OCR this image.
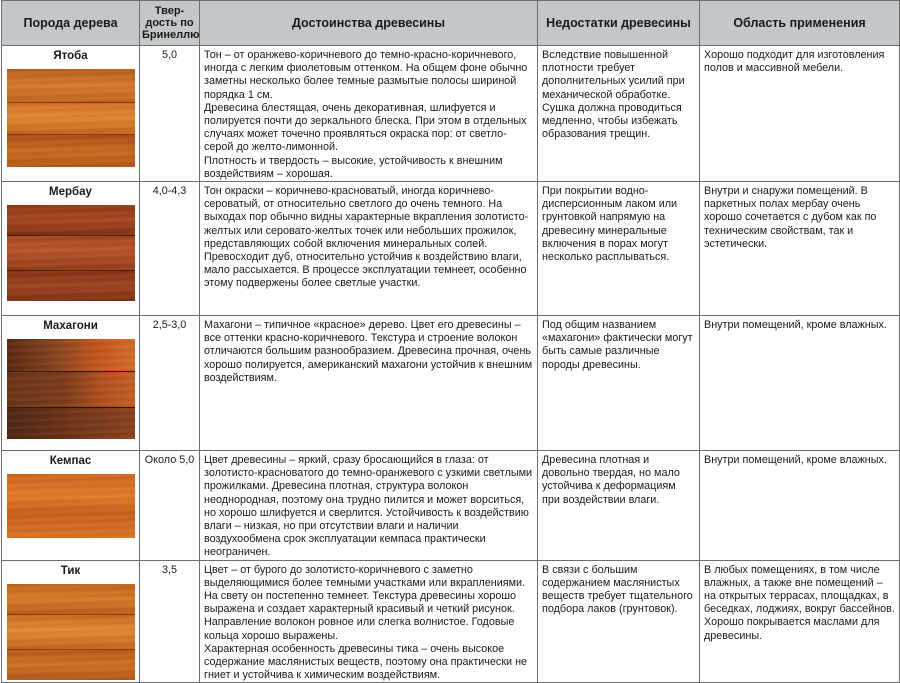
Порода дерева	Твер-
дость по
Бринеллю	Достоинства древесины	Недостатки древесины	Область применения

Ятоба	5,0	Тон – от оранжево-коричневого до темно-красно-коричневого, иногда с легким фиолетовым оттенком. На общем фоне обычно заметны несколько более темные размытые полосы шириной порядка 1 см.
Древесина блестящая, очень декоративная, шлифуется и полируется почти до зеркального блеска. При этом в отдельных случаях может точечно проявляться окраска пор: от светло-серой до желто-лимонной.
Плотность и твердость – высокие, устойчивость к внешним воздействиям – хорошая.	Вследствие повышенной плотности требует дополнительных усилий при механической обработке. Сушка должна проводиться медленно, чтобы избежать образования трещин.	Хорошо подходит для изготовления полов и массивной мебели.

Мербау	4,0-4,3	Тон окраски – коричнево-красноватый, иногда коричнево-сероватый, от относительно светлого до очень темного. На выходах пор обычно видны характерные вкрапления золотисто-желтых или серовато-желтых точек или небольших прожилок, представляющих собой включения минеральных солей. Превосходит дуб, относительно устойчив к воздействию влаги, мало рассыхается. В процессе эксплуатации темнеет, особенно этому подвержены более светлые участки.	При покрытии водно-дисперсионным лаком или грунтовкой напрямую на древесину минеральные включения в порах могут несколько расплываться.	Внутри и снаружи помещений. В паркетных полах мербау очень хорошо сочетается с дубом как по техническим свойствам, так и эстетически.

Махагони	2,5-3,0	Махагони – типичное «красное» дерево. Цвет его древесины – все оттенки красно-коричневого. Текстура и строение волокон отличаются большим разнообразием. Древесина прочная, очень хорошо полируется, американский махагони устойчив к внешним воздействиям.	Под общим названием «махагони» фактически могут быть самые различные породы древесины.	Внутри помещений, кроме влажных.

Кемпас	Около 5,0	Цвет древесины – яркий, сразу бросающийся в глаза: от золотисто-красноватого до темно-оранжевого с узкими светлыми прожилками. Древесина плотная, структура волокон неоднородная, поэтому она трудно пилится и может ворситься, но хорошо шлифуется и сверлится. Устойчивость к воздействию влаги – низкая, но при отсутствии влаги и наличии воздухообмена срок эксплуатации кемпаса практически неограничен.	Древесина плотная и довольно твердая, но мало устойчива к деформациям при воздействии влаги.	Внутри помещений, кроме влажных.

Тик	3,5	Цвет – от бурого до золотисто-коричневого с заметно выделяющимися более темными участками или вкраплениями. На свету он постепенно темнеет. Текстура древесины хорошо выражена и создает характерный красивый и четкий рисунок. Направление волокон ровное или слегка волнистое. Годовые кольца хорошо выражены.
Характерная особенность древесины тика – очень высокое содержание маслянистых веществ, поэтому она практически не гниет и устойчива к химическим воздействиям.	В связи с большим содержанием маслянистых веществ требует тщательного подбора лаков (грунтовок).	В любых помещениях, в том числе влажных, а также вне помещений – на открытых террасах, площадках, в беседках, лоджиях, вокруг бассейнов. Хорошо покрывается маслами для древесины.
